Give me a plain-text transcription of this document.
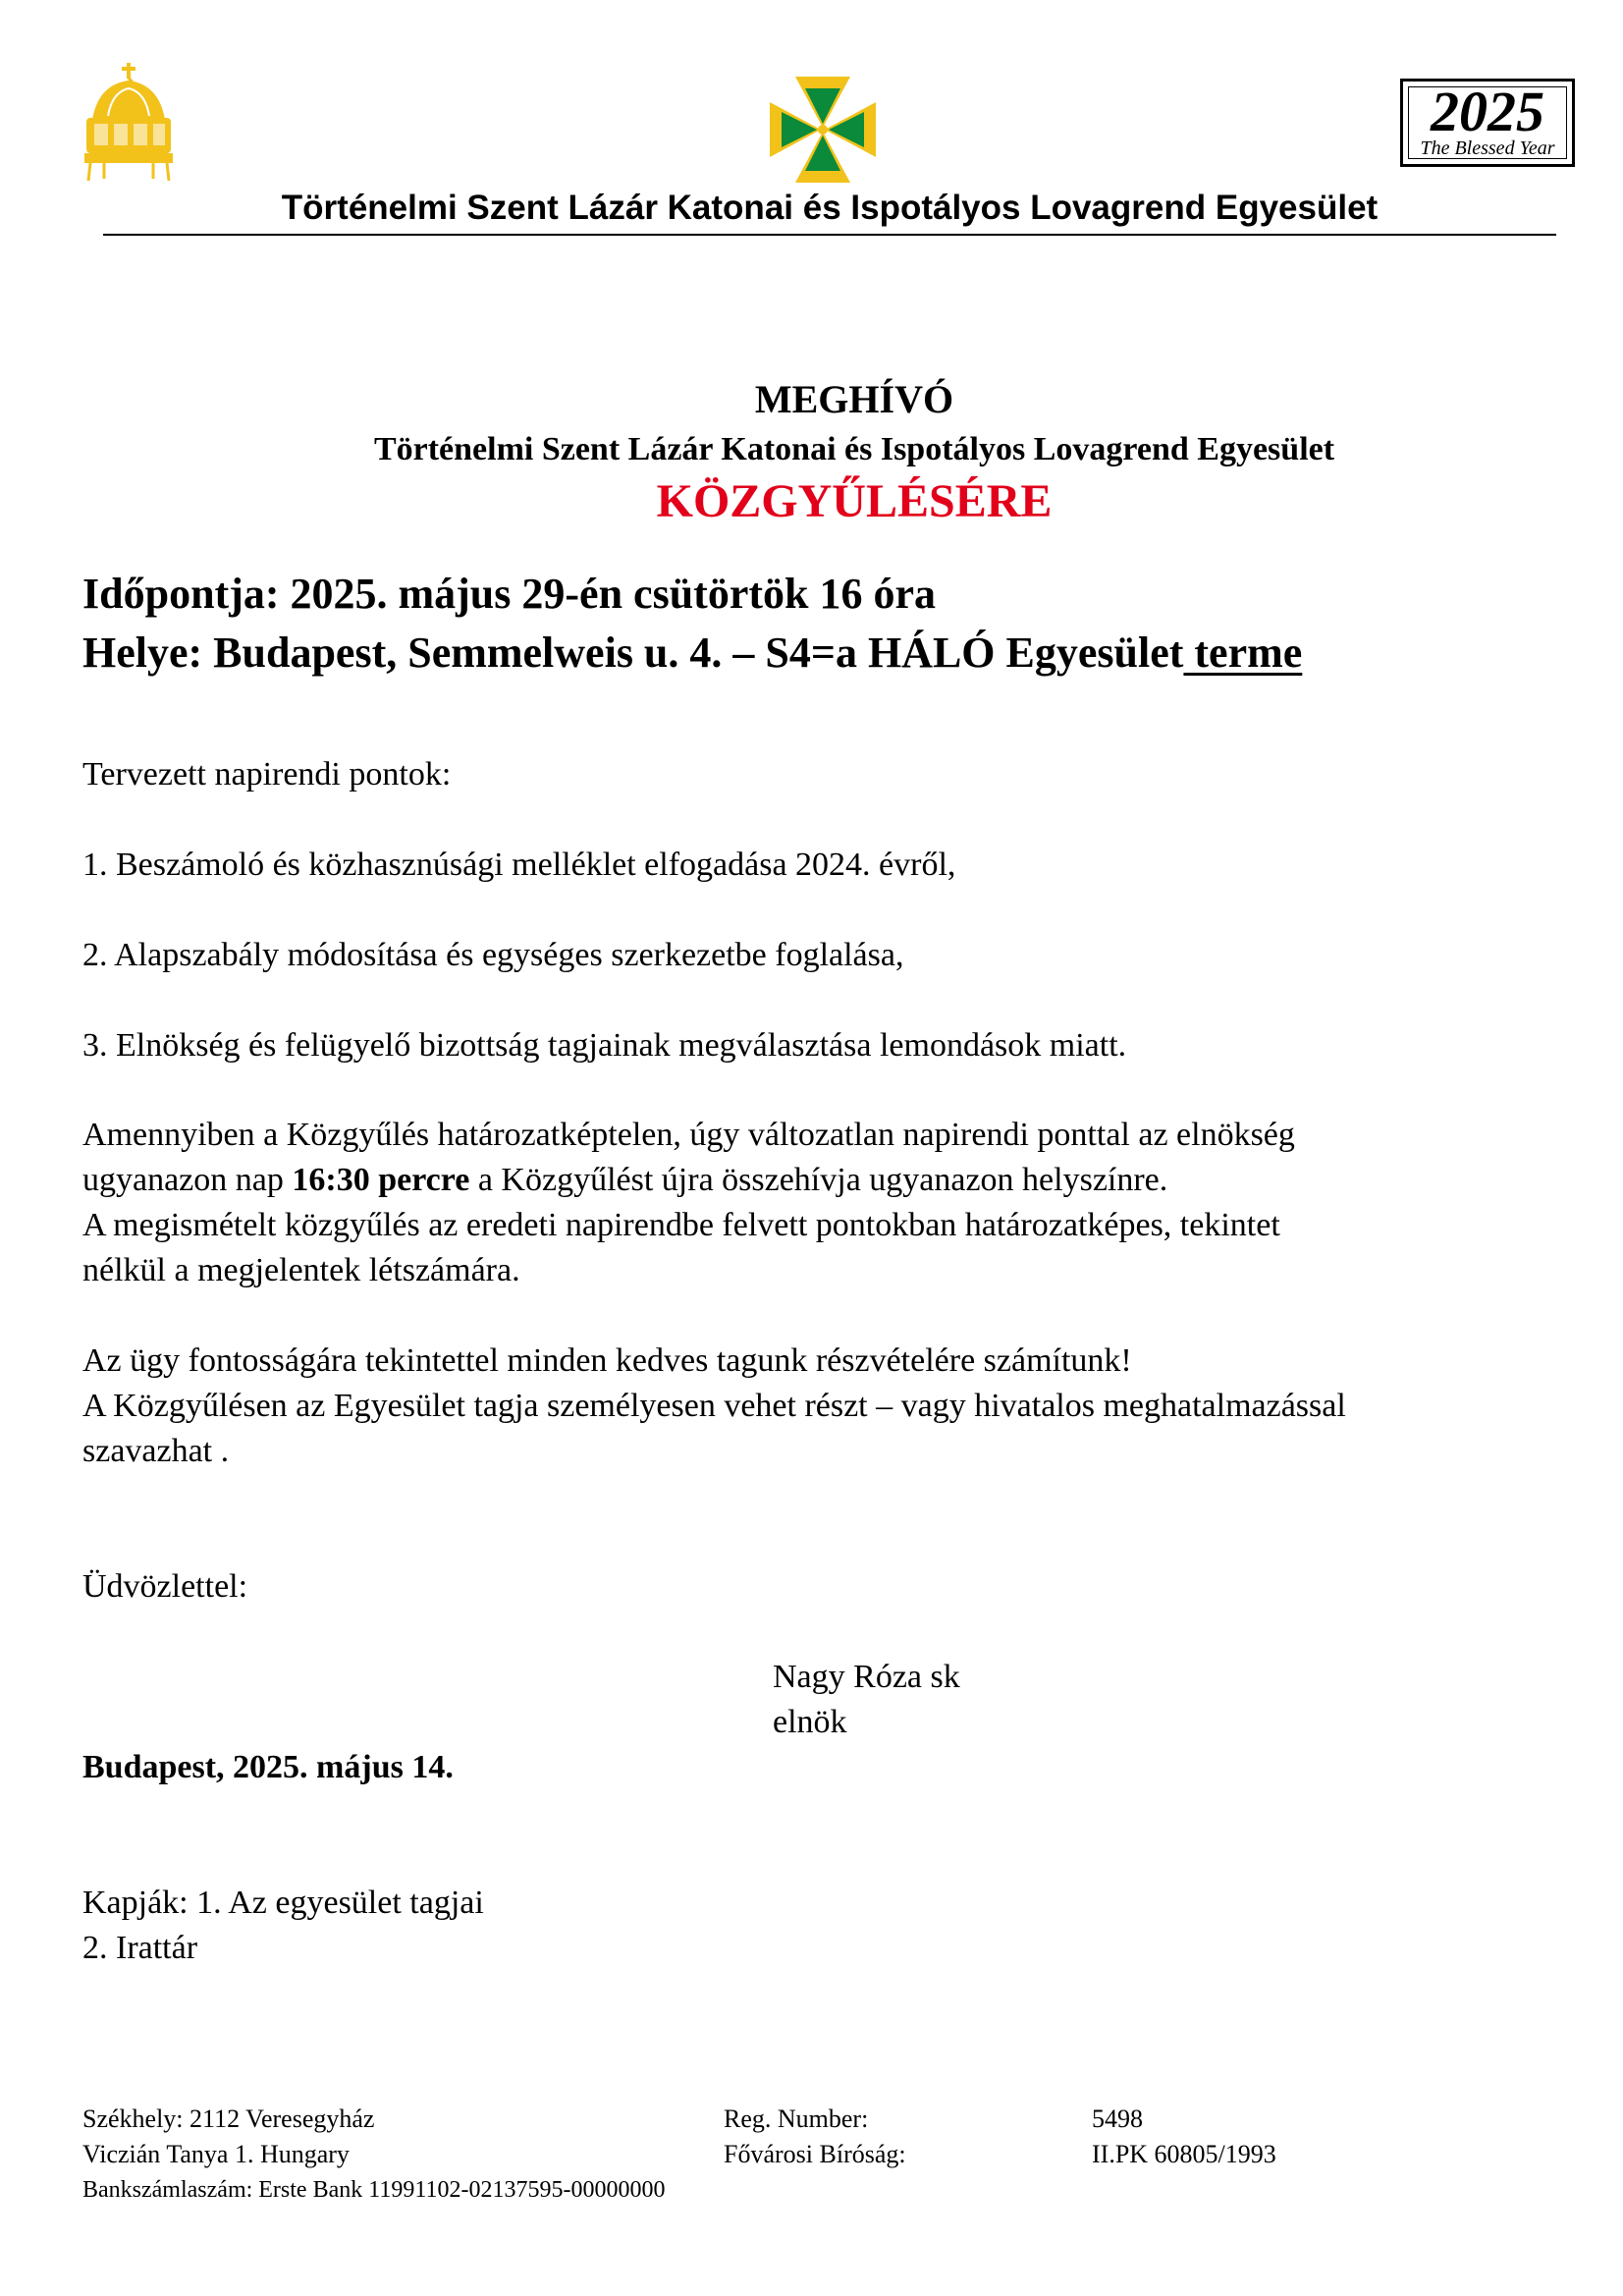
2025
The Blessed Year
Történelmi Szent Lázár Katonai és Ispotályos Lovagrend Egyesület
MEGHÍVÓ
Történelmi Szent Lázár Katonai és Ispotályos Lovagrend Egyesület
KÖZGYŰLÉSÉRE
Időpontja: 2025. május 29-én csütörtök 16 óra
Helye: Budapest, Semmelweis u. 4. – S4=a HÁLÓ Egyesület terme
Tervezett napirendi pontok:
1. Beszámoló és közhasznúsági melléklet elfogadása 2024. évről,
2. Alapszabály módosítása és egységes szerkezetbe foglalása,
3. Elnökség és felügyelő bizottság tagjainak megválasztása lemondások miatt.
Amennyiben a Közgyűlés határozatképtelen, úgy változatlan napirendi ponttal az elnökség
ugyanazon nap 16:30 percre a Közgyűlést újra összehívja ugyanazon helyszínre.
A megismételt közgyűlés az eredeti napirendbe felvett pontokban határozatképes, tekintet
nélkül a megjelentek létszámára.
Az ügy fontosságára tekintettel minden kedves tagunk részvételére számítunk!
A Közgyűlésen az Egyesület tagja személyesen vehet részt – vagy hivatalos meghatalmazással
szavazhat .
Üdvözlettel:
Nagy Róza sk
elnök
Budapest, 2025. május 14.
Kapják: 1. Az egyesület tagjai
2. Irattár
Székhely: 2112 Veresegyház
Viczián Tanya 1. Hungary
Bankszámlaszám: Erste Bank 11991102-02137595-00000000
Reg. Number:
Fővárosi Bíróság:
5498
II.PK 60805/1993
